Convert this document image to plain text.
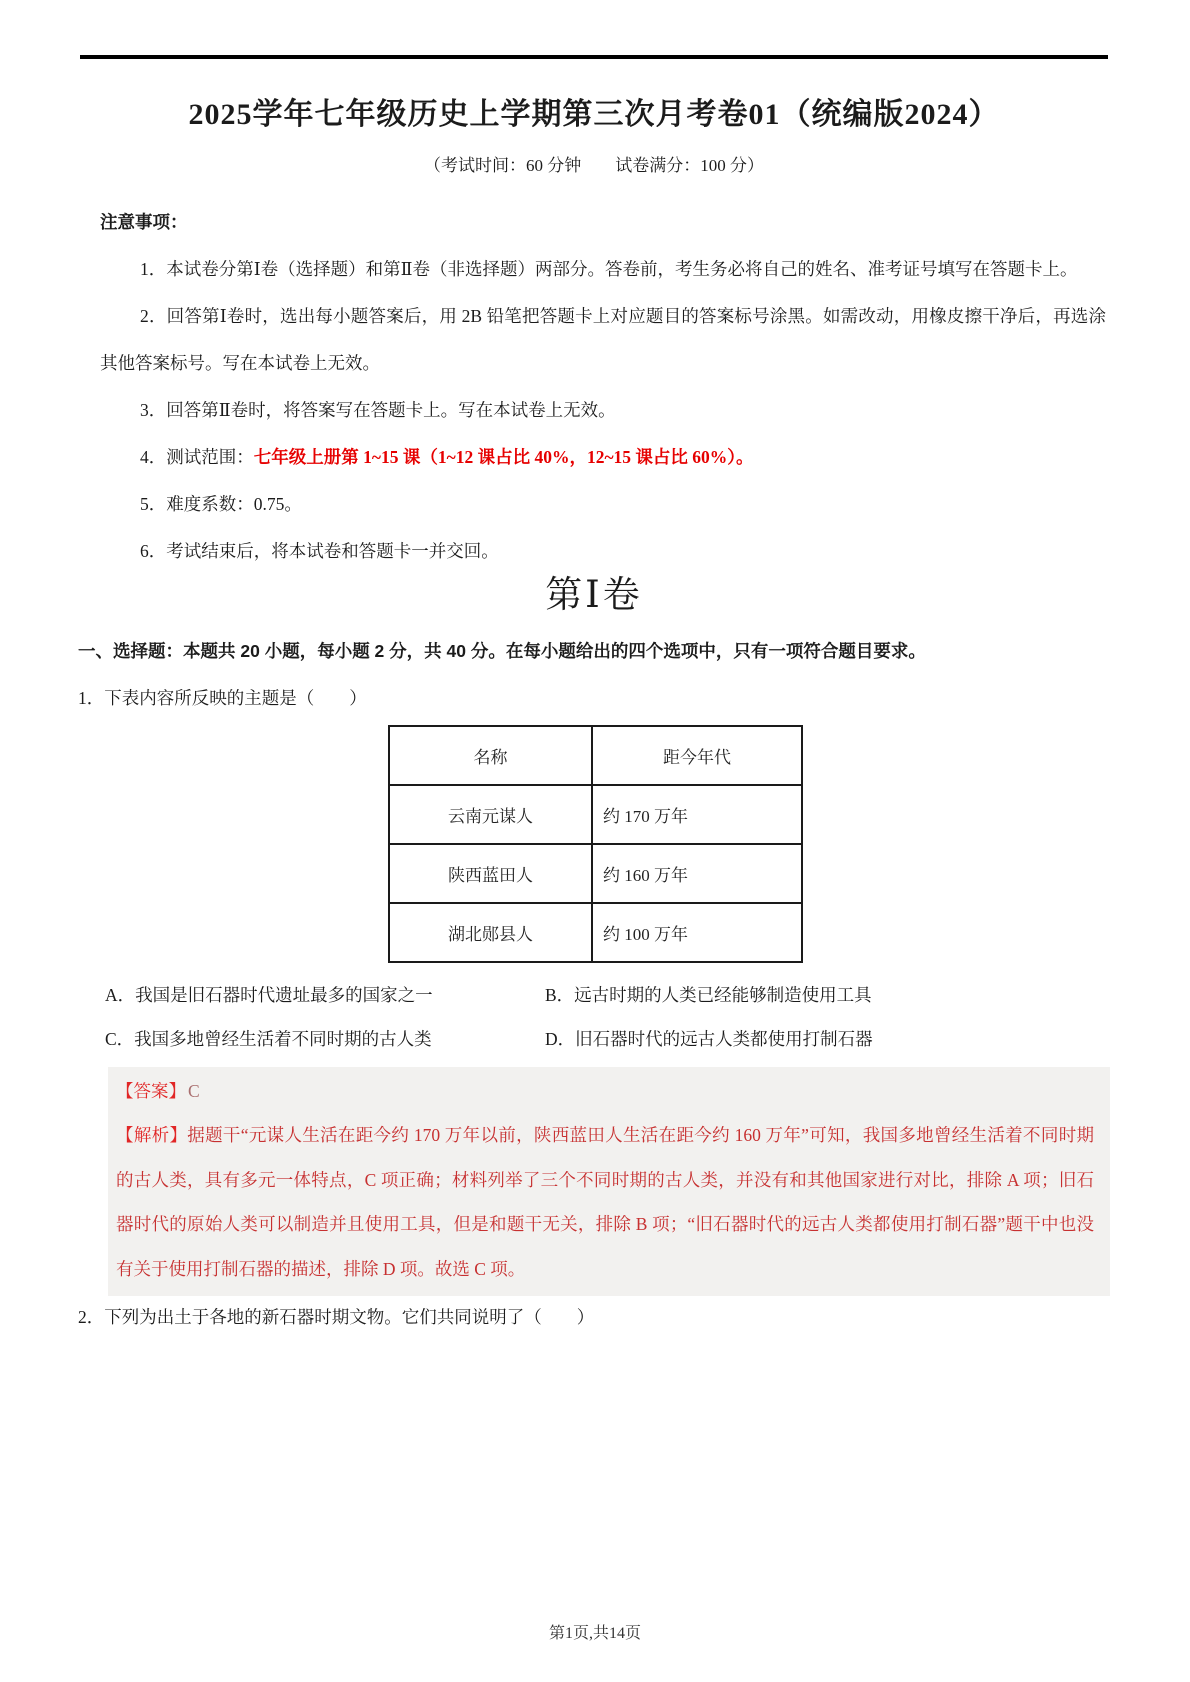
2025学年七年级历史上学期第三次月考卷01（统编版2024）
（考试时间：60 分钟　　试卷满分：100 分）

注意事项：

1．本试卷分第Ⅰ卷（选择题）和第Ⅱ卷（非选择题）两部分。答卷前，考生务必将自己的姓名、准考证号填写在答题卡上。

2．回答第Ⅰ卷时，选出每小题答案后，用 2B 铅笔把答题卡上对应题目的答案标号涂黑。如需改动，用橡皮擦干净后，再选涂其他答案标号。写在本试卷上无效。

3．回答第Ⅱ卷时，将答案写在答题卡上。写在本试卷上无效。

4．测试范围：七年级上册第 1~15 课（1~12 课占比 40%，12~15 课占比 60%）。

5．难度系数：0.75。

6．考试结束后，将本试卷和答题卡一并交回。

第Ⅰ卷
一、选择题：本题共 20 小题，每小题 2 分，共 40 分。在每小题给出的四个选项中，只有一项符合题目要求。
1．下表内容所反映的主题是（　　）
名称	距今年代
云南元谋人	约 170 万年
陕西蓝田人	约 160 万年
湖北郧县人	约 100 万年
A．我国是旧石器时代遗址最多的国家之一	B．远古时期的人类已经能够制造使用工具
C．我国多地曾经生活着不同时期的古人类	D．旧石器时代的远古人类都使用打制石器
【答案】 C
【解析】据题干“元谋人生活在距今约 170 万年以前，陕西蓝田人生活在距今约 160 万年”可知，我国多地曾经生活着不同时期的古人类，具有多元一体特点，C 项正确；材料列举了三个不同时期的古人类，并没有和其他国家进行对比，排除 A 项；旧石器时代的原始人类可以制造并且使用工具，但是和题干无关，排除 B 项；“旧石器时代的远古人类都使用打制石器”题干中也没有关于使用打制石器的描述，排除 D 项。故选 C 项。
2．下列为出土于各地的新石器时期文物。它们共同说明了（　　）
第1页,共14页
